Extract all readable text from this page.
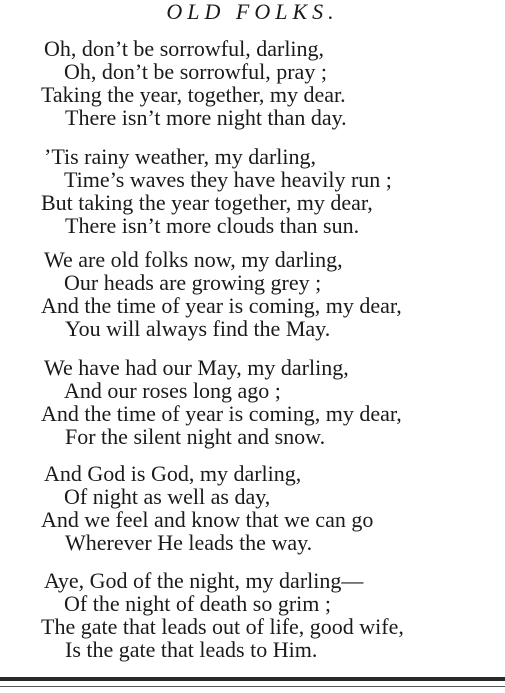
OLD FOLKS.
Oh, don’t be sorrowful, darling,
Oh, don’t be sorrowful, pray ;
Taking the year, together, my dear.
There isn’t more night than day.
’Tis rainy weather, my darling,
Time’s waves they have heavily run ;
But taking the year together, my dear,
There isn’t more clouds than sun.
We are old folks now, my darling,
Our heads are growing grey ;
And the time of year is coming, my dear,
You will always find the May.
We have had our May, my darling,
And our roses long ago ;
And the time of year is coming, my dear,
For the silent night and snow.
And God is God, my darling,
Of night as well as day,
And we feel and know that we can go
Wherever He leads the way.
Aye, God of the night, my darling—
Of the night of death so grim ;
The gate that leads out of life, good wife,
Is the gate that leads to Him.
